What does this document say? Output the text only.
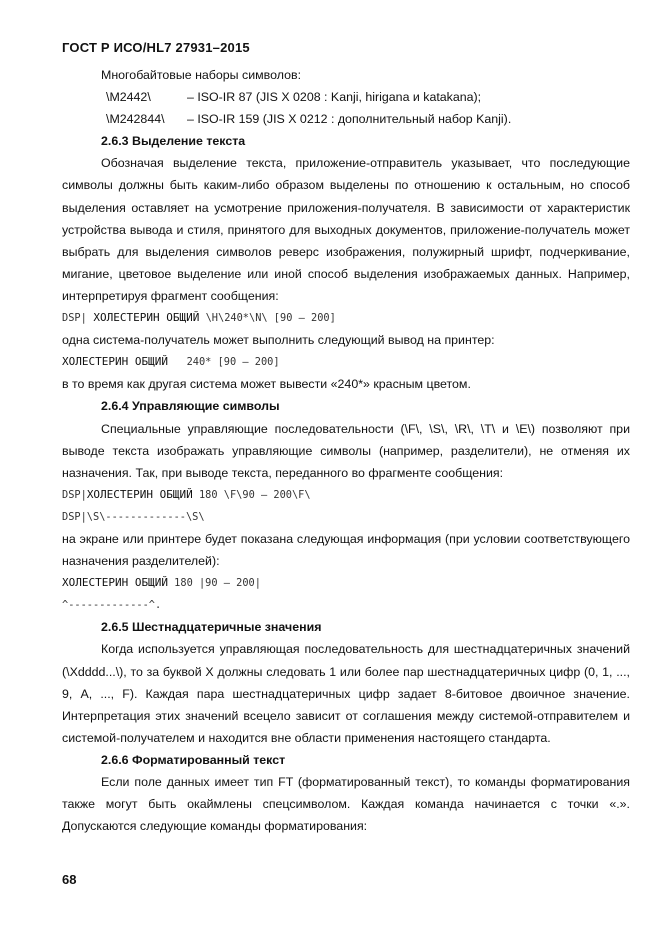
ГОСТ Р ИСО/HL7 27931–2015

Многобайтовые наборы символов:

\M2442\	– ISO-IR 87 (JIS X 0208 : Kanji, hirigana и katakana);
\M242844\	– ISO-IR 159 (JIS X 0212 : дополнительный набор Kanji).

2.6.3 Выделение текста

Обозначая выделение текста, приложение-отправитель указывает, что последующие символы должны быть каким-либо образом выделены по отношению к остальным, но способ выделения оставляет на усмотрение приложения-получателя. В зависимости от характеристик устройства вывода и стиля, принятого для выходных документов, приложение-получатель может выбрать для выделения символов реверс изображения, полужирный шрифт, подчеркивание, мигание, цветовое выделение или иной способ выделения изображаемых данных. Например, интерпретируя фрагмент сообщения:

DSP| ХОЛЕСТЕРИН ОБЩИЙ \H\240*\N\ [90 – 200]

одна система-получатель может выполнить следующий вывод на принтер:

ХОЛЕСТЕРИН ОБЩИЙ   240* [90 – 200]

в то время как другая система может вывести «240*» красным цветом.

2.6.4 Управляющие символы

Специальные управляющие последовательности (\F\, \S\, \R\, \T\ и \E\) позволяют при выводе текста изображать управляющие символы (например, разделители), не отменяя их назначения. Так, при выводе текста, переданного во фрагменте сообщения:

DSP|ХОЛЕСТЕРИН ОБЩИЙ 180 \F\90 – 200\F\
DSP|\S\-------------\S\

на экране или принтере будет показана следующая информация (при условии соответствующего назначения разделителей):

ХОЛЕСТЕРИН ОБЩИЙ 180 |90 – 200|
^-------------^.

2.6.5 Шестнадцатеричные значения

Когда используется управляющая последовательность для шестнадцатеричных значений (\Xdddd...\), то за буквой X должны следовать 1 или более пар шестнадцатеричных цифр (0, 1, ..., 9, A, ..., F). Каждая пара шестнадцатеричных цифр задает 8-битовое двоичное значение. Интерпретация этих значений всецело зависит от соглашения между системой-отправителем и системой-получателем и находится вне области применения настоящего стандарта.

2.6.6 Форматированный текст

Если поле данных имеет тип FT (форматированный текст), то команды форматирования также могут быть окаймлены спецсимволом. Каждая команда начинается с точки «.». Допускаются следующие команды форматирования:

68
